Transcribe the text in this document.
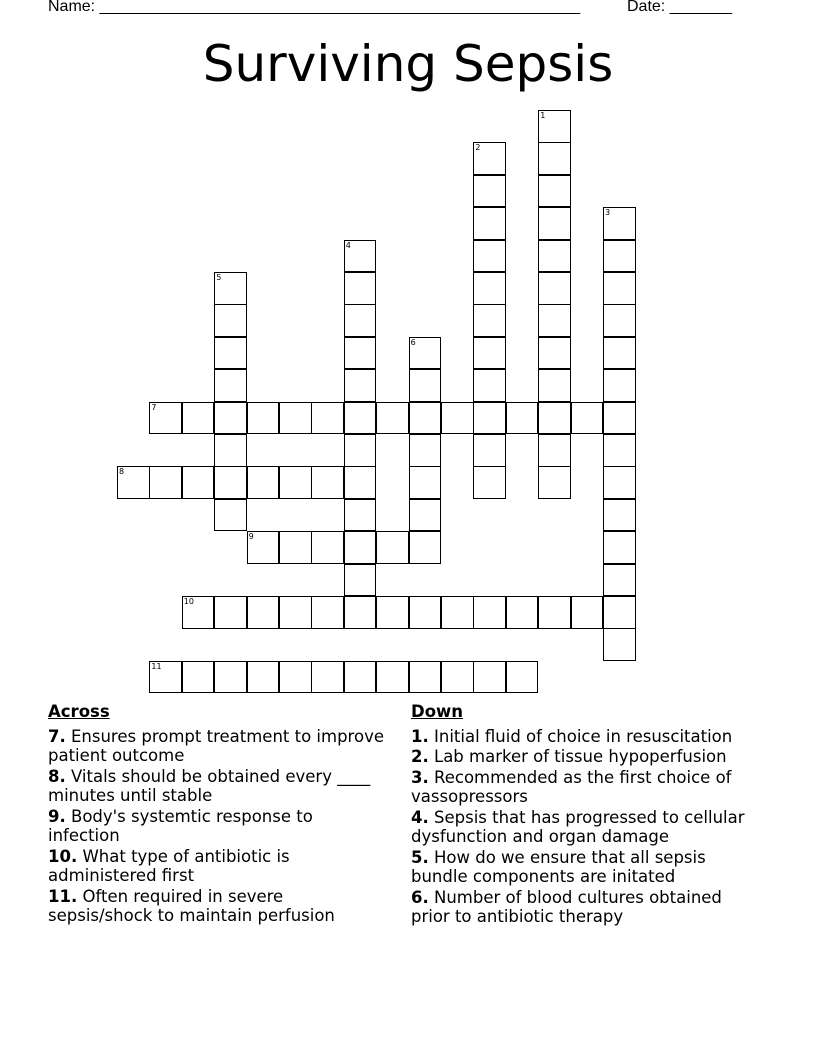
Name: ______________________________________________________	Date: _______
Surviving Sepsis
1
2
3
4
5
6
7
8
9
10
11
Across
7. Ensures prompt treatment to improve patient outcome
8. Vitals should be obtained every ____ minutes until stable
9. Body's systemtic response to infection
10. What type of antibiotic is administered first
11. Often required in severe sepsis/shock to maintain perfusion
Down
1. Initial fluid of choice in resuscitation
2. Lab marker of tissue hypoperfusion
3. Recommended as the first choice of vassopressors
4. Sepsis that has progressed to cellular dysfunction and organ damage
5. How do we ensure that all sepsis bundle components are initated
6. Number of blood cultures obtained prior to antibiotic therapy
